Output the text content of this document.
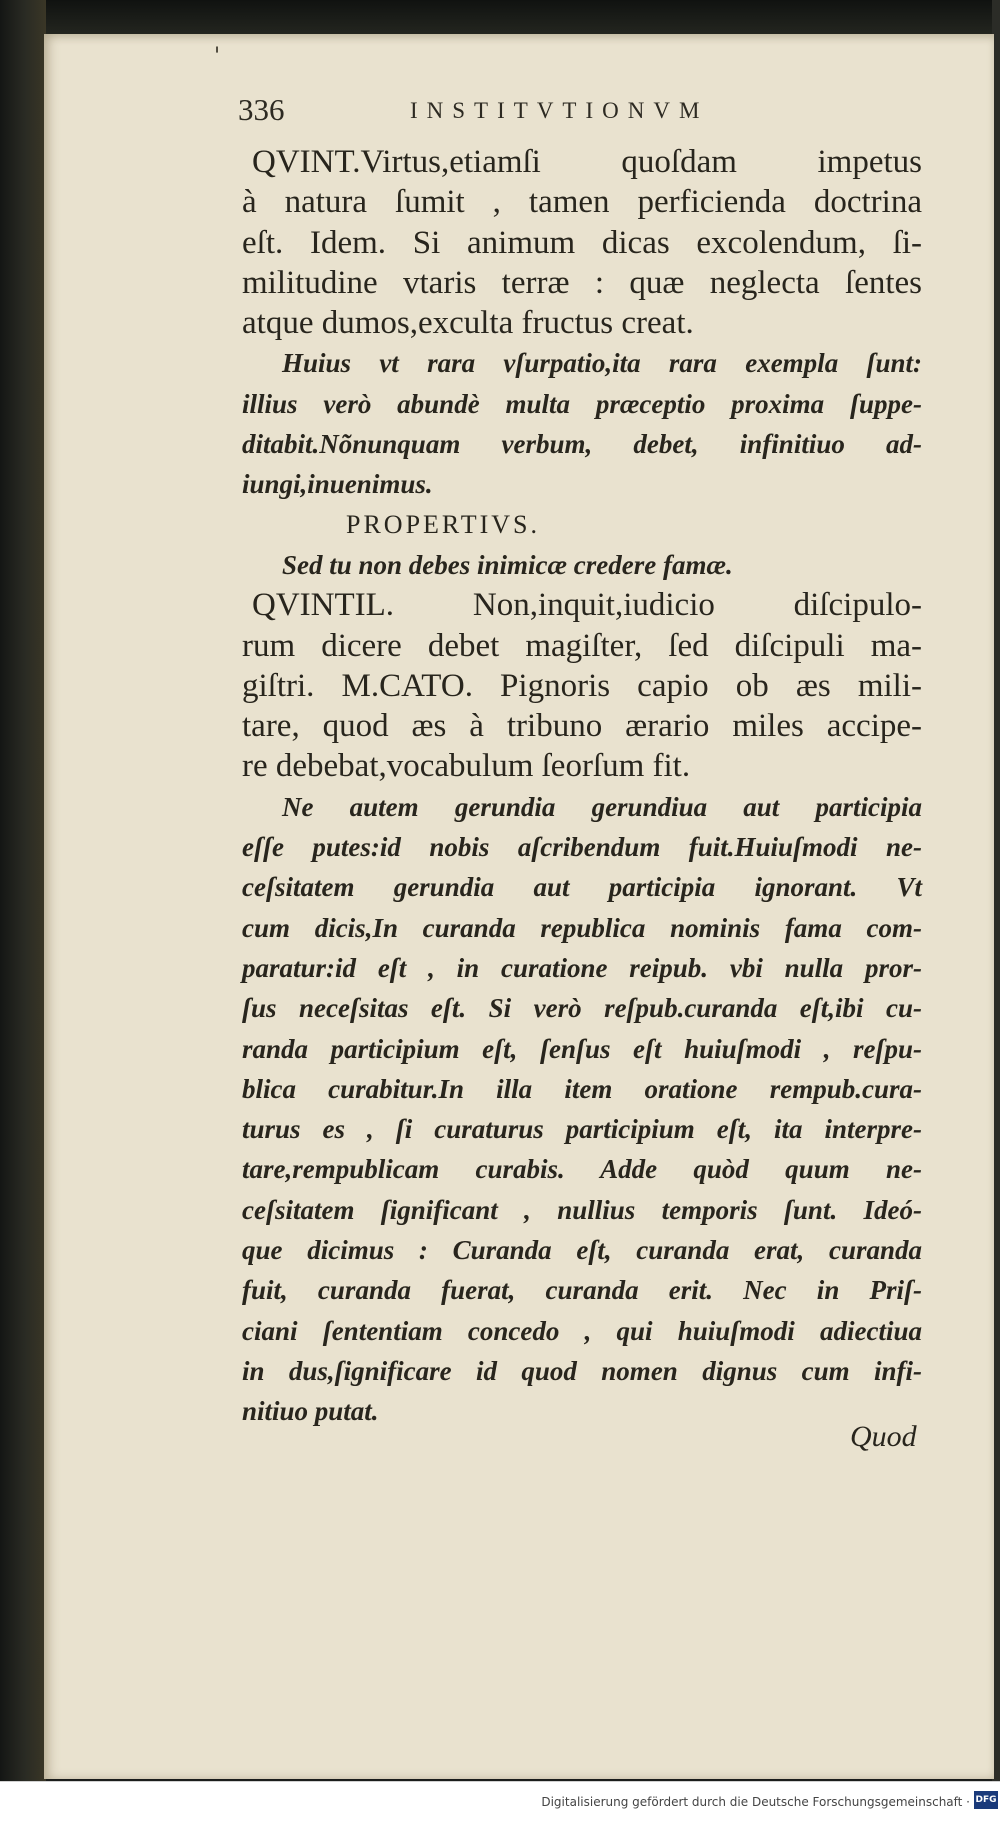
'
336	INSTITVTIONVM
QVINT.Virtus,etiamſi quoſdam impetus
à natura ſumit , tamen perficienda doctrina
eſt. Idem. Si animum dicas excolendum, ſi-
militudine vtaris terræ : quæ neglecta ſentes
atque dumos,exculta fructus creat.
Huius vt rara vſurpatio,ita rara exempla ſunt:
illius verò abundè multa præceptio proxima ſuppe-
ditabit.Nõnunquam verbum, debet, infinitiuo ad-
iungi,inuenimus.
PROPERTIVS.
Sed tu non debes inimicæ credere famæ.
QVINTIL. Non,inquit,iudicio diſcipulo-
rum dicere debet magiſter, ſed diſcipuli ma-
giſtri. M.CATO. Pignoris capio ob æs mili-
tare, quod æs à tribuno ærario miles accipe-
re debebat,vocabulum ſeorſum fit.
Ne autem gerundia gerundiua aut participia
eſſe putes:id nobis aſcribendum fuit.Huiuſmodi ne-
ceſsitatem gerundia aut participia ignorant. Vt
cum dicis,In curanda republica nominis fama com-
paratur:id eſt , in curatione reipub. vbi nulla pror-
ſus neceſsitas eſt. Si verò reſpub.curanda eſt,ibi cu-
randa participium eſt, ſenſus eſt huiuſmodi , reſpu-
blica curabitur.In illa item oratione rempub.cura-
turus es , ſi curaturus participium eſt, ita interpre-
tare,rempublicam curabis. Adde quòd quum ne-
ceſsitatem ſignificant , nullius temporis ſunt. Ideó-
que dicimus : Curanda eſt, curanda erat, curanda
fuit, curanda fuerat, curanda erit. Nec in Priſ-
ciani ſententiam concedo , qui huiuſmodi adiectiua
in dus,ſignificare id quod nomen dignus cum infi-
nitiuo putat.
Quod
Digitalisierung gefördert durch die Deutsche Forschungsgemeinschaft · DFG
